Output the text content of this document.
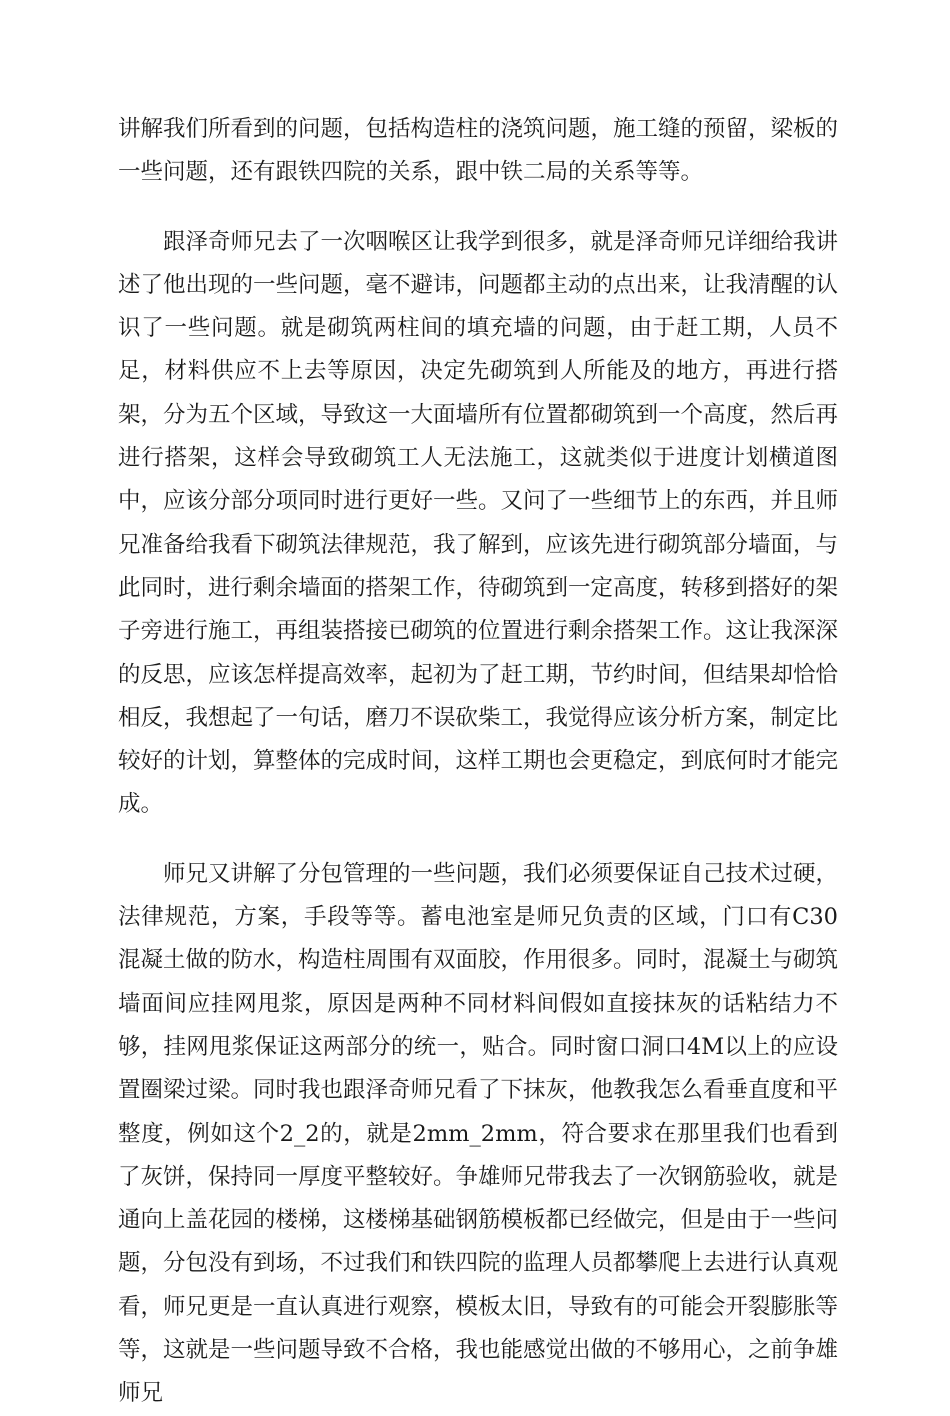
讲解我们所看到的问题，包括构造柱的浇筑问题，施工缝的预留，梁板的一些问题，还有跟铁四院的关系，跟中铁二局的关系等等。

跟泽奇师兄去了一次咽喉区让我学到很多，就是泽奇师兄详细给我讲述了他出现的一些问题，毫不避讳，问题都主动的点出来，让我清醒的认识了一些问题。就是砌筑两柱间的填充墙的问题，由于赶工期，人员不足，材料供应不上去等原因，决定先砌筑到人所能及的地方，再进行搭架，分为五个区域，导致这一大面墙所有位置都砌筑到一个高度，然后再进行搭架，这样会导致砌筑工人无法施工，这就类似于进度计划横道图中，应该分部分项同时进行更好一些。又问了一些细节上的东西，并且师兄准备给我看下砌筑法律规范，我了解到，应该先进行砌筑部分墙面，与此同时，进行剩余墙面的搭架工作，待砌筑到一定高度，转移到搭好的架子旁进行施工，再组装搭接已砌筑的位置进行剩余搭架工作。这让我深深的反思，应该怎样提高效率，起初为了赶工期，节约时间，但结果却恰恰相反，我想起了一句话，磨刀不误砍柴工，我觉得应该分析方案，制定比较好的计划，算整体的完成时间，这样工期也会更稳定，到底何时才能完成。

师兄又讲解了分包管理的一些问题，我们必须要保证自己技术过硬，法律规范，方案，手段等等。蓄电池室是师兄负责的区域，门口有C30混凝土做的防水，构造柱周围有双面胶，作用很多。同时，混凝土与砌筑墙面间应挂网甩浆，原因是两种不同材料间假如直接抹灰的话粘结力不够，挂网甩浆保证这两部分的统一，贴合。同时窗口洞口4M以上的应设置圈梁过梁。同时我也跟泽奇师兄看了下抹灰，他教我怎么看垂直度和平整度，例如这个2_2的，就是2mm_2mm，符合要求在那里我们也看到了灰饼，保持同一厚度平整较好。争雄师兄带我去了一次钢筋验收，就是通向上盖花园的楼梯，这楼梯基础钢筋模板都已经做完，但是由于一些问题，分包没有到场，不过我们和铁四院的监理人员都攀爬上去进行认真观看，师兄更是一直认真进行观察，模板太旧，导致有的可能会开裂膨胀等等，这就是一些问题导致不合格，我也能感觉出做的不够用心，之前争雄师兄
